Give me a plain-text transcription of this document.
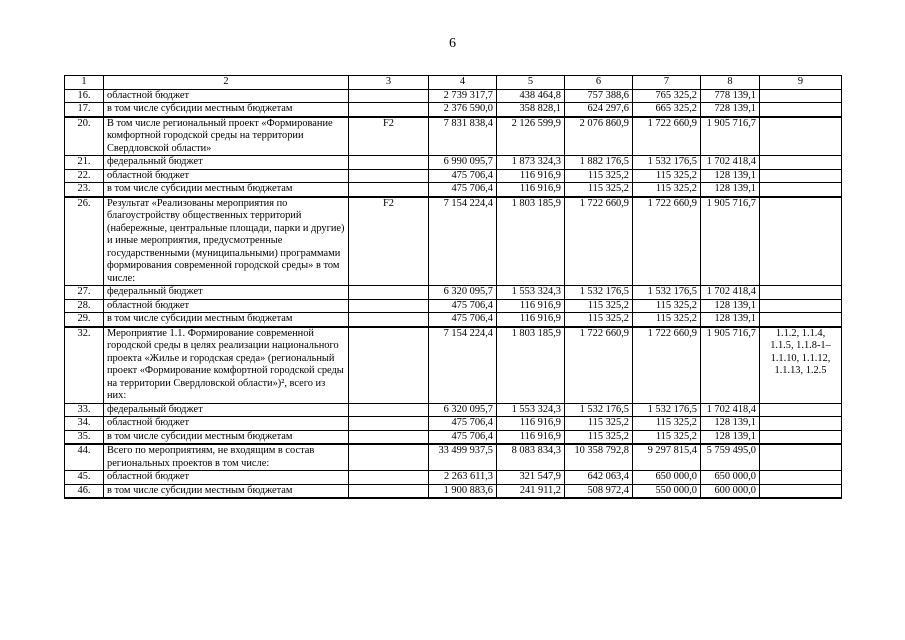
6
1	2	3	4	5	6	7	8	9
16.	областной бюджет		2 739 317,7	438 464,8	757 388,6	765 325,2	778 139,1	
17.	в том числе субсидии местным бюджетам		2 376 590,0	358 828,1	624 297,6	665 325,2	728 139,1	
20.	В том числе региональный проект «Формирование комфортной городской среды на территории Свердловской области»	F2	7 831 838,4	2 126 599,9	2 076 860,9	1 722 660,9	1 905 716,7	
21.	федеральный бюджет		6 990 095,7	1 873 324,3	1 882 176,5	1 532 176,5	1 702 418,4	
22.	областной бюджет		475 706,4	116 916,9	115 325,2	115 325,2	128 139,1	
23.	в том числе субсидии местным бюджетам		475 706,4	116 916,9	115 325,2	115 325,2	128 139,1	
26.	Результат «Реализованы мероприятия по благоустройству общественных территорий (набережные, центральные площади, парки и другие) и иные мероприятия, предусмотренные государственными (муниципальными) программами формирования современной городской среды» в том числе:	F2	7 154 224,4	1 803 185,9	1 722 660,9	1 722 660,9	1 905 716,7	
27.	федеральный бюджет		6 320 095,7	1 553 324,3	1 532 176,5	1 532 176,5	1 702 418,4	
28.	областной бюджет		475 706,4	116 916,9	115 325,2	115 325,2	128 139,1	
29.	в том числе субсидии местным бюджетам		475 706,4	116 916,9	115 325,2	115 325,2	128 139,1	
32.	Мероприятие 1.1. Формирование современной городской среды в целях реализации национального проекта «Жилье и городская среда» (региональный проект «Формирование комфортной городской среды на территории Свердловской области»)², всего из них:		7 154 224,4	1 803 185,9	1 722 660,9	1 722 660,9	1 905 716,7	1.1.2, 1.1.4, 1.1.5, 1.1.8-1– 1.1.10, 1.1.12, 1.1.13, 1.2.5
33.	федеральный бюджет		6 320 095,7	1 553 324,3	1 532 176,5	1 532 176,5	1 702 418,4	
34.	областной бюджет		475 706,4	116 916,9	115 325,2	115 325,2	128 139,1	
35.	в том числе субсидии местным бюджетам		475 706,4	116 916,9	115 325,2	115 325,2	128 139,1	
44.	Всего по мероприятиям, не входящим в состав региональных проектов в том числе:		33 499 937,5	8 083 834,3	10 358 792,8	9 297 815,4	5 759 495,0	
45.	областной бюджет		2 263 611,3	321 547,9	642 063,4	650 000,0	650 000,0	
46.	в том числе субсидии местным бюджетам		1 900 883,6	241 911,2	508 972,4	550 000,0	600 000,0	
